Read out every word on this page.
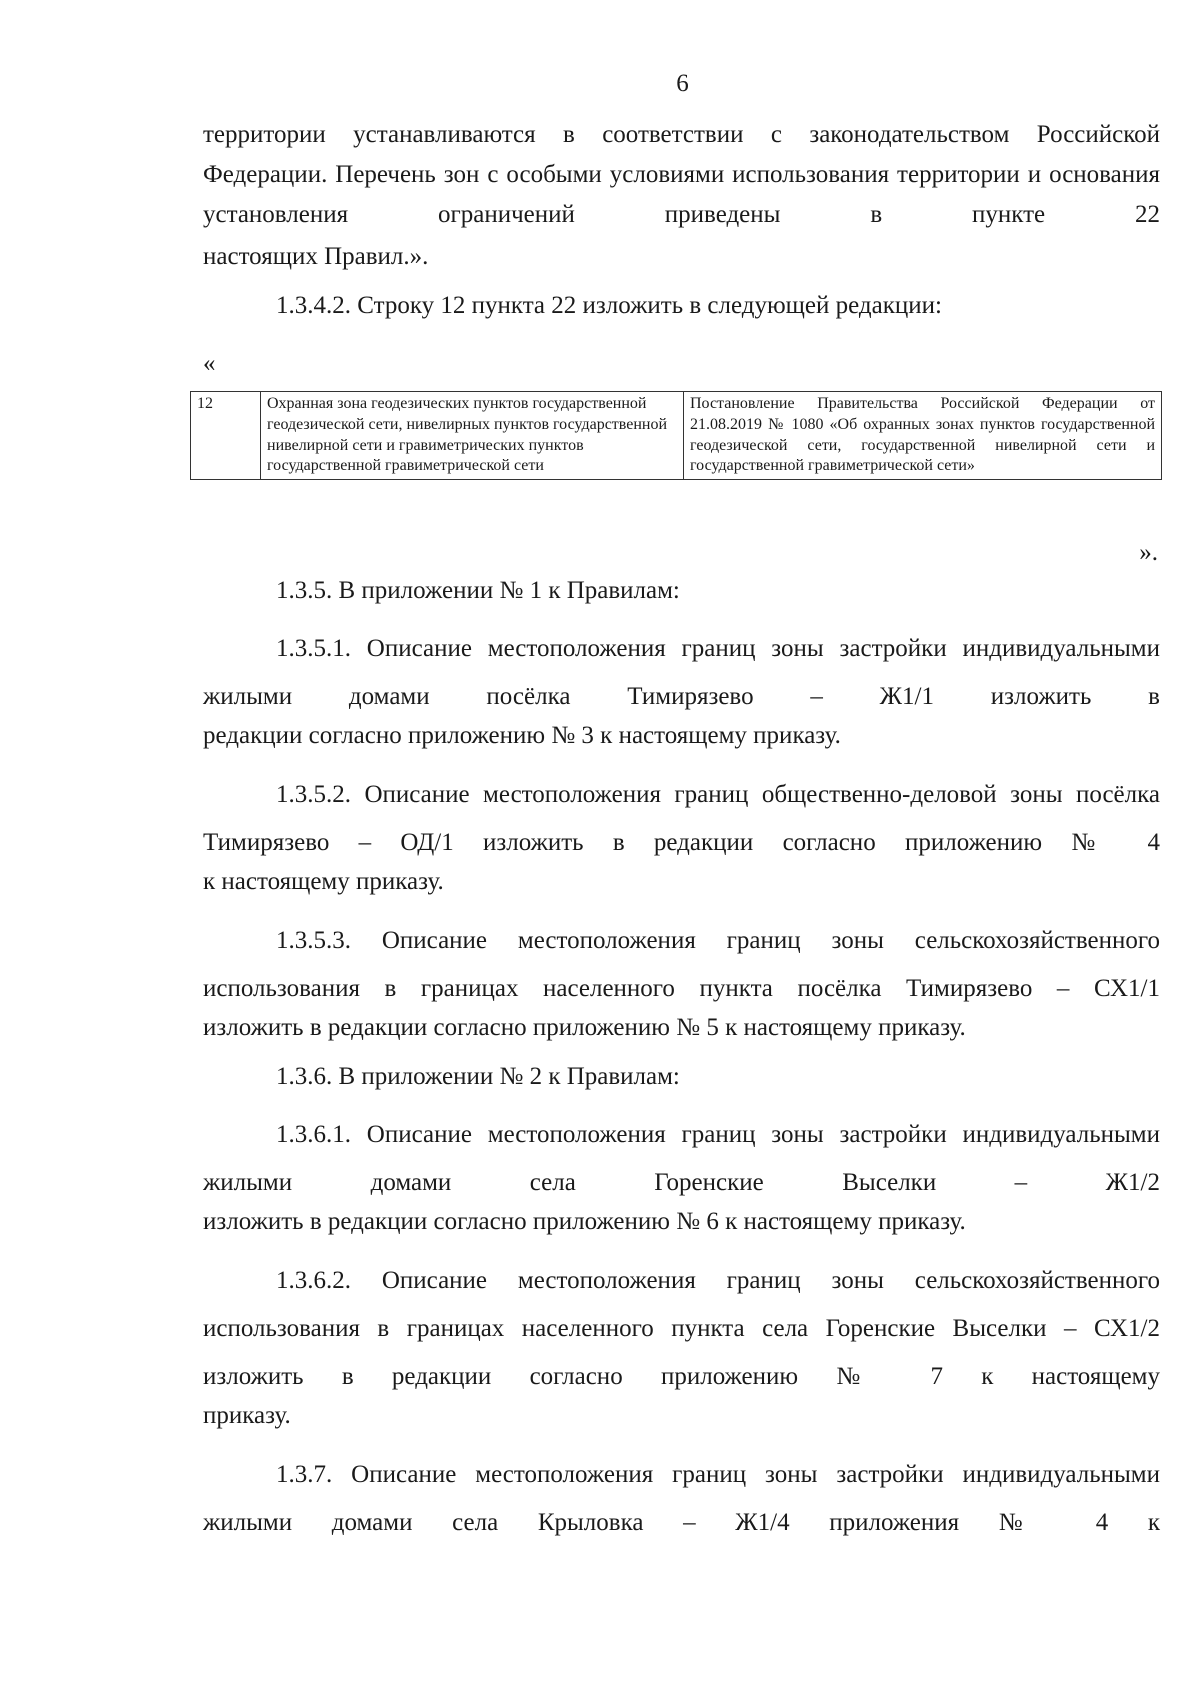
6
территории устанавливаются в соответствии с законодательством Российской Федерации. Перечень зон с особыми условиями использования территории и основания установления ограничений приведены в пункте 22
настоящих Правил.».
1.3.4.2. Строку 12 пункта 22 изложить в следующей редакции:
«
12	Охранная зона геодезических пунктов государственной геодезической сети, нивелирных пунктов государственной нивелирной сети и гравиметрических пунктов государственной гравиметрической сети	Постановление Правительства Российской Федерации от 21.08.2019 № 1080 «Об охранных зонах пунктов государственной геодезической сети, государственной нивелирной сети и государственной гравиметрической сети»
».
1.3.5. В приложении № 1 к Правилам:
1.3.5.1. Описание местоположения границ зоны застройки индивидуальными жилыми домами посёлка Тимирязево – Ж1/1 изложить в
редакции согласно приложению № 3 к настоящему приказу.
1.3.5.2. Описание местоположения границ общественно-деловой зоны посёлка Тимирязево – ОД/1 изложить в редакции согласно приложению № 4
к настоящему приказу.
1.3.5.3. Описание местоположения границ зоны сельскохозяйственного использования в границах населенного пункта посёлка Тимирязево – СХ1/1
изложить в редакции согласно приложению № 5 к настоящему приказу.
1.3.6. В приложении № 2 к Правилам:
1.3.6.1. Описание местоположения границ зоны застройки индивидуальными жилыми домами села Горенские Выселки – Ж1/2
изложить в редакции согласно приложению № 6 к настоящему приказу.
1.3.6.2. Описание местоположения границ зоны сельскохозяйственного использования в границах населенного пункта села Горенские Выселки – СХ1/2 изложить в редакции согласно приложению № 7 к настоящему
приказу.
1.3.7. Описание местоположения границ зоны застройки индивидуальными жилыми домами села Крыловка – Ж1/4 приложения № 4 к
